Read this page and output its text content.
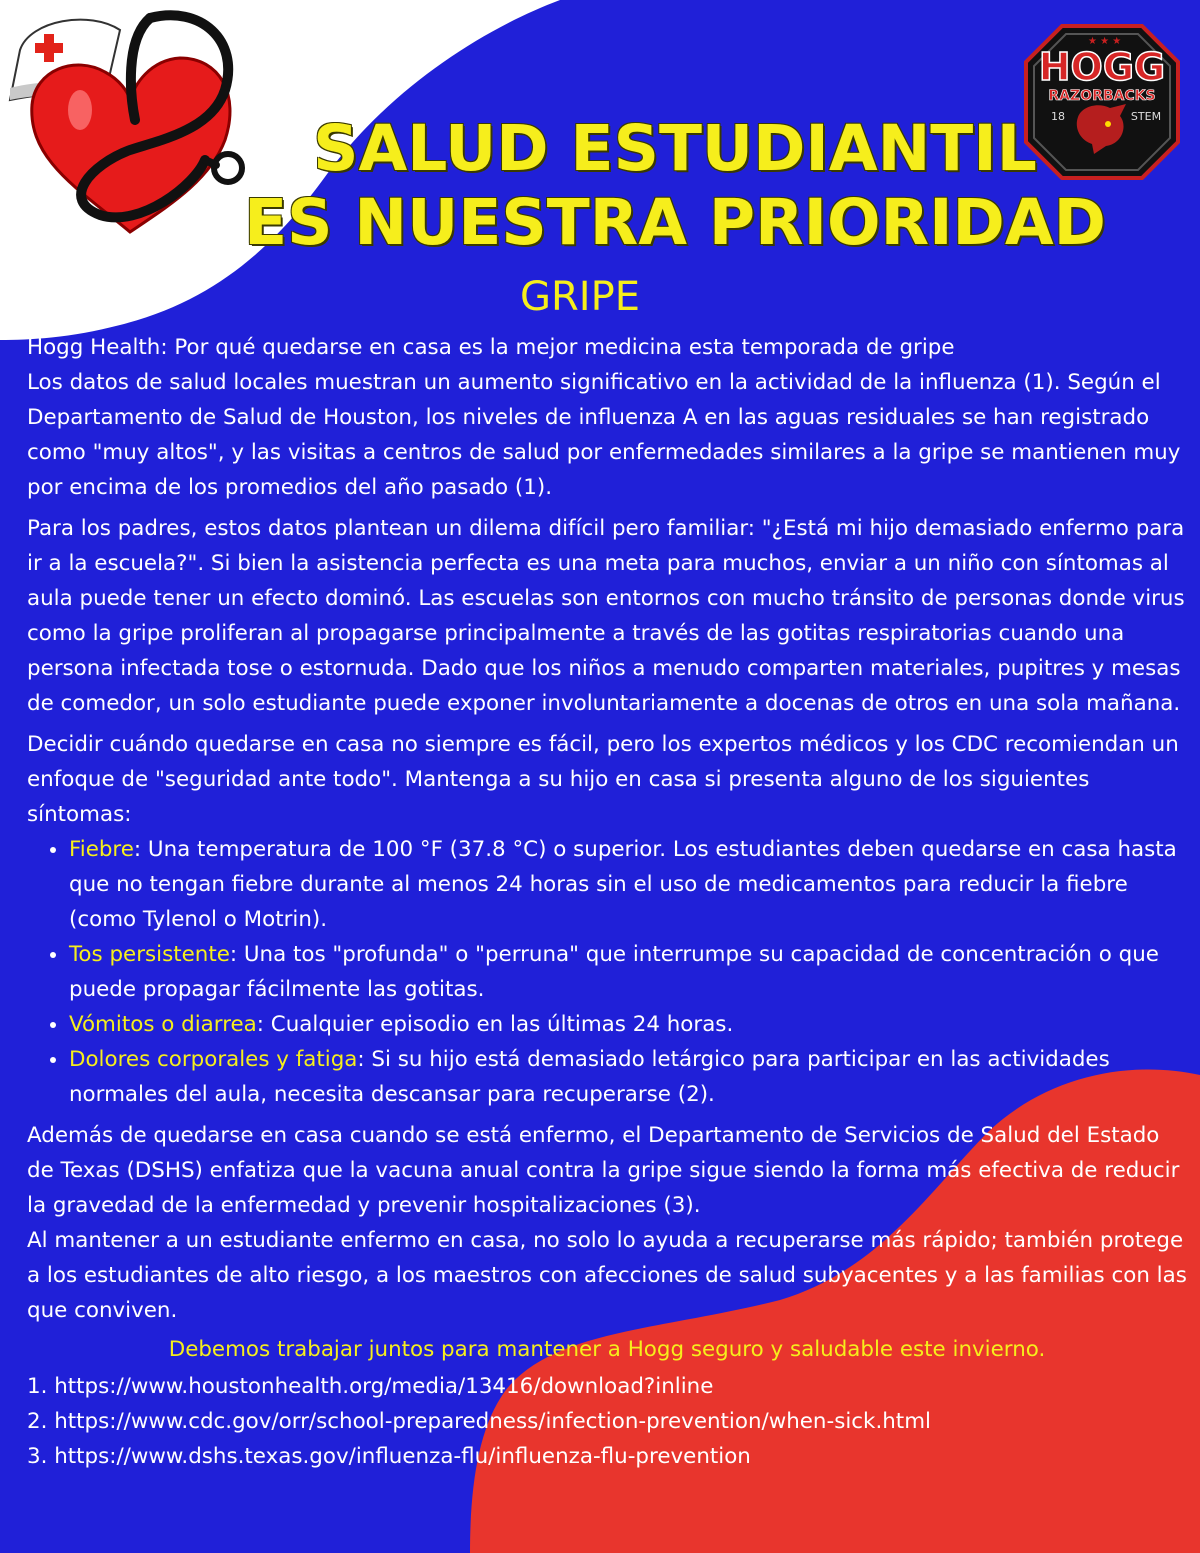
★ ★ ★
HOGG
RAZORBACKS
18	STEM
SALUD ESTUDIANTIL
ES NUESTRA PRIORIDAD
GRIPE

Hogg Health: Por qué quedarse en casa es la mejor medicina esta temporada de gripe

Los datos de salud locales muestran un aumento significativo en la actividad de la influenza (1). Según el Departamento de Salud de Houston, los niveles de influenza A en las aguas residuales se han registrado como "muy altos", y las visitas a centros de salud por enfermedades similares a la gripe se mantienen muy por encima de los promedios del año pasado (1).

Para los padres, estos datos plantean un dilema difícil pero familiar: "¿Está mi hijo demasiado enfermo para ir a la escuela?". Si bien la asistencia perfecta es una meta para muchos, enviar a un niño con síntomas al aula puede tener un efecto dominó. Las escuelas son entornos con mucho tránsito de personas donde virus como la gripe proliferan al propagarse principalmente a través de las gotitas respiratorias cuando una persona infectada tose o estornuda. Dado que los niños a menudo comparten materiales, pupitres y mesas de comedor, un solo estudiante puede exponer involuntariamente a docenas de otros en una sola mañana.

Decidir cuándo quedarse en casa no siempre es fácil, pero los expertos médicos y los CDC recomiendan un enfoque de "seguridad ante todo". Mantenga a su hijo en casa si presenta alguno de los siguientes síntomas:

• Fiebre: Una temperatura de 100 °F (37.8 °C) o superior. Los estudiantes deben quedarse en casa hasta que no tengan fiebre durante al menos 24 horas sin el uso de medicamentos para reducir la fiebre (como Tylenol o Motrin).
• Tos persistente: Una tos "profunda" o "perruna" que interrumpe su capacidad de concentración o que puede propagar fácilmente las gotitas.
• Vómitos o diarrea: Cualquier episodio en las últimas 24 horas.
• Dolores corporales y fatiga: Si su hijo está demasiado letárgico para participar en las actividades normales del aula, necesita descansar para recuperarse (2).

Además de quedarse en casa cuando se está enfermo, el Departamento de Servicios de Salud del Estado de Texas (DSHS) enfatiza que la vacuna anual contra la gripe sigue siendo la forma más efectiva de reducir la gravedad de la enfermedad y prevenir hospitalizaciones (3).

Al mantener a un estudiante enfermo en casa, no solo lo ayuda a recuperarse más rápido; también protege a los estudiantes de alto riesgo, a los maestros con afecciones de salud subyacentes y a las familias con las que conviven.

Debemos trabajar juntos para mantener a Hogg seguro y saludable este invierno.

1. https://www.houstonhealth.org/media/13416/download?inline
2. https://www.cdc.gov/orr/school-preparedness/infection-prevention/when-sick.html
3. https://www.dshs.texas.gov/influenza-flu/influenza-flu-prevention
